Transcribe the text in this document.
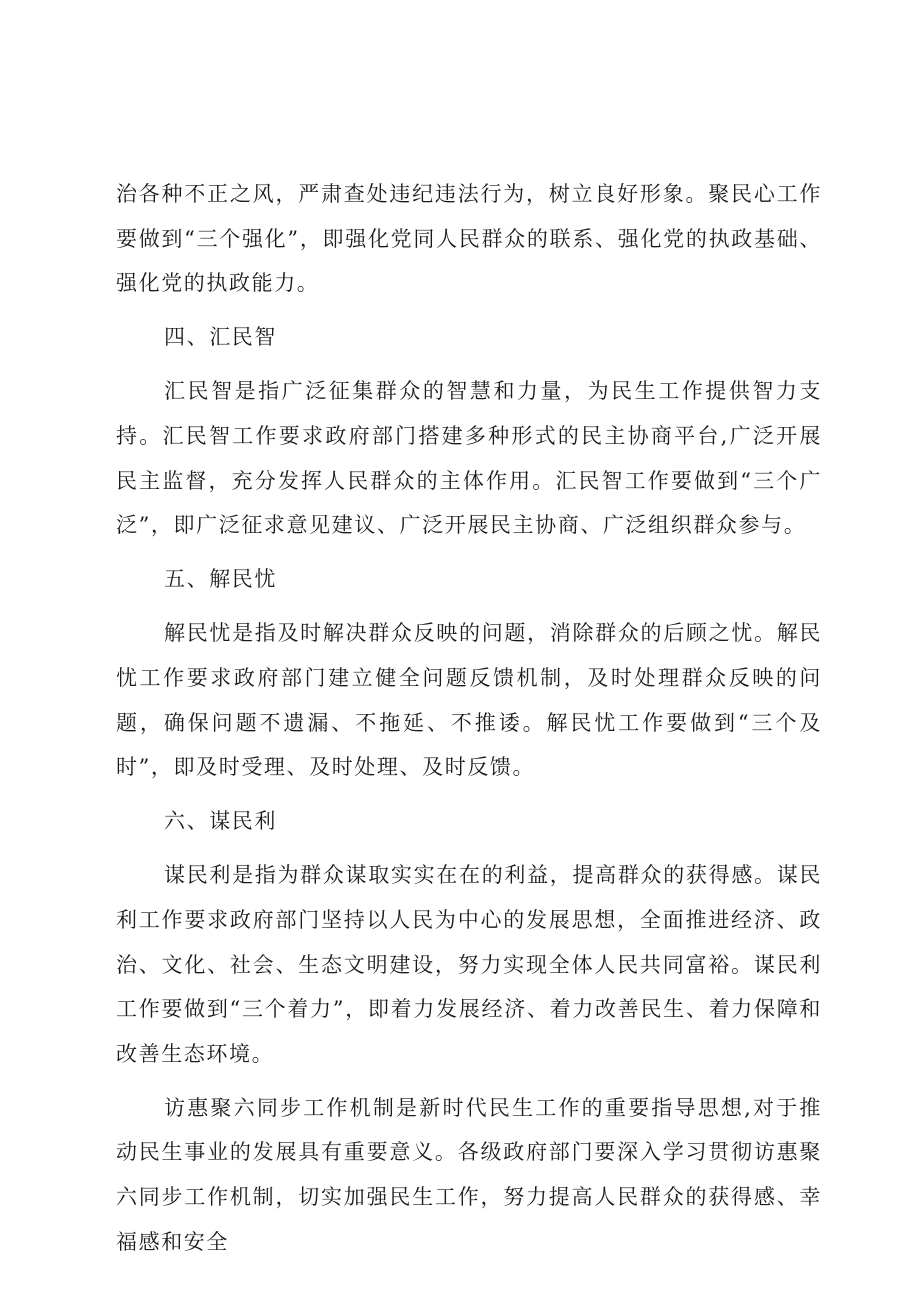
治各种不正之风，严肃查处违纪违法行为，树立良好形象。聚民心工作要做到“三个强化”，即强化党同人民群众的联系、强化党的执政基础、强化党的执政能力。

四、汇民智

汇民智是指广泛征集群众的智慧和力量，为民生工作提供智力支持。汇民智工作要求政府部门搭建多种形式的民主协商平台,广泛开展民主监督，充分发挥人民群众的主体作用。汇民智工作要做到“三个广泛”，即广泛征求意见建议、广泛开展民主协商、广泛组织群众参与。

五、解民忧

解民忧是指及时解决群众反映的问题，消除群众的后顾之忧。解民忧工作要求政府部门建立健全问题反馈机制，及时处理群众反映的问题，确保问题不遗漏、不拖延、不推诿。解民忧工作要做到“三个及时”，即及时受理、及时处理、及时反馈。

六、谋民利

谋民利是指为群众谋取实实在在的利益，提高群众的获得感。谋民利工作要求政府部门坚持以人民为中心的发展思想，全面推进经济、政治、文化、社会、生态文明建设，努力实现全体人民共同富裕。谋民利工作要做到“三个着力”，即着力发展经济、着力改善民生、着力保障和改善生态环境。

访惠聚六同步工作机制是新时代民生工作的重要指导思想,对于推动民生事业的发展具有重要意义。各级政府部门要深入学习贯彻访惠聚六同步工作机制，切实加强民生工作，努力提高人民群众的获得感、幸福感和安全
